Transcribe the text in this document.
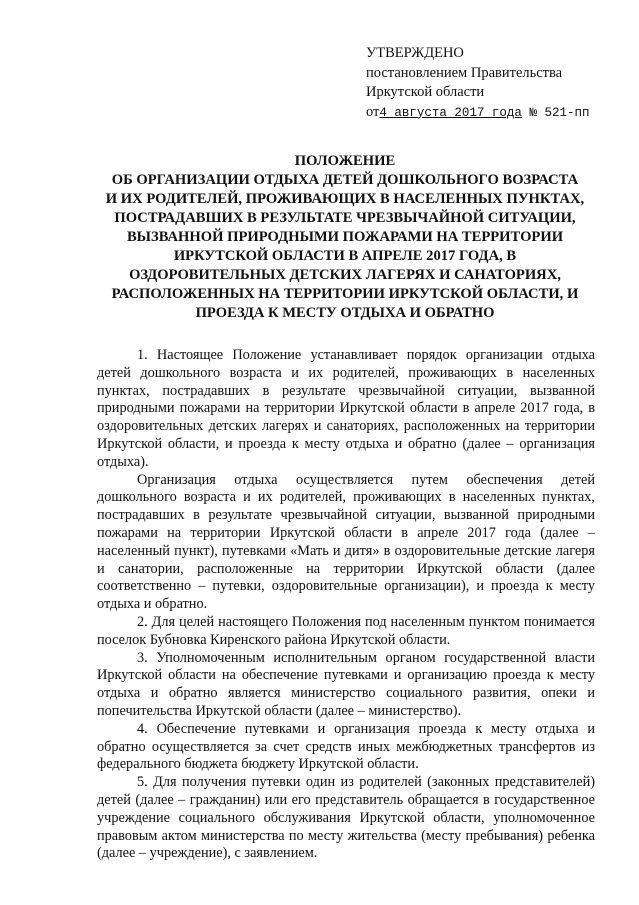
УТВЕРЖДЕНО
постановлением Правительства
Иркутской области
от4 августа 2017 года № 521-пп
ПОЛОЖЕНИЕ
ОБ ОРГАНИЗАЦИИ ОТДЫХА ДЕТЕЙ ДОШКОЛЬНОГО ВОЗРАСТА
И ИХ РОДИТЕЛЕЙ, ПРОЖИВАЮЩИХ В НАСЕЛЕННЫХ ПУНКТАХ,
ПОСТРАДАВШИХ В РЕЗУЛЬТАТЕ ЧРЕЗВЫЧАЙНОЙ СИТУАЦИИ,
ВЫЗВАННОЙ ПРИРОДНЫМИ ПОЖАРАМИ НА ТЕРРИТОРИИ
ИРКУТСКОЙ ОБЛАСТИ В АПРЕЛЕ 2017 ГОДА, В
ОЗДОРОВИТЕЛЬНЫХ ДЕТСКИХ ЛАГЕРЯХ И САНАТОРИЯХ,
РАСПОЛОЖЕННЫХ НА ТЕРРИТОРИИ ИРКУТСКОЙ ОБЛАСТИ, И
ПРОЕЗДА К МЕСТУ ОТДЫХА И ОБРАТНО

1. Настоящее Положение устанавливает порядок организации отдыха детей дошкольного возраста и их родителей, проживающих в населенных пунктах, пострадавших в результате чрезвычайной ситуации, вызванной природными пожарами на территории Иркутской области в апреле 2017 года, в оздоровительных детских лагерях и санаториях, расположенных на территории Иркутской области, и проезда к месту отдыха и обратно (далее – организация отдыха).

Организация отдыха осуществляется путем обеспечения детей дошкольного возраста и их родителей, проживающих в населенных пунктах, пострадавших в результате чрезвычайной ситуации, вызванной природными пожарами на территории Иркутской области в апреле 2017 года (далее – населенный пункт), путевками «Мать и дитя» в оздоровительные детские лагеря и санатории, расположенные на территории Иркутской области (далее соответственно – путевки, оздоровительные организации), и проезда к месту отдыха и обратно.

2. Для целей настоящего Положения под населенным пунктом понимается поселок Бубновка Киренского района Иркутской области.

3. Уполномоченным исполнительным органом государственной власти Иркутской области на обеспечение путевками и организацию проезда к месту отдыха и обратно является министерство социального развития, опеки и попечительства Иркутской области (далее – министерство).

4. Обеспечение путевками и организация проезда к месту отдыха и обратно осуществляется за счет средств иных межбюджетных трансфертов из федерального бюджета бюджету Иркутской области.

5. Для получения путевки один из родителей (законных представителей) детей (далее – гражданин) или его представитель обращается в государственное учреждение социального обслуживания Иркутской области, уполномоченное правовым актом министерства по месту жительства (месту пребывания) ребенка (далее – учреждение), с заявлением.
